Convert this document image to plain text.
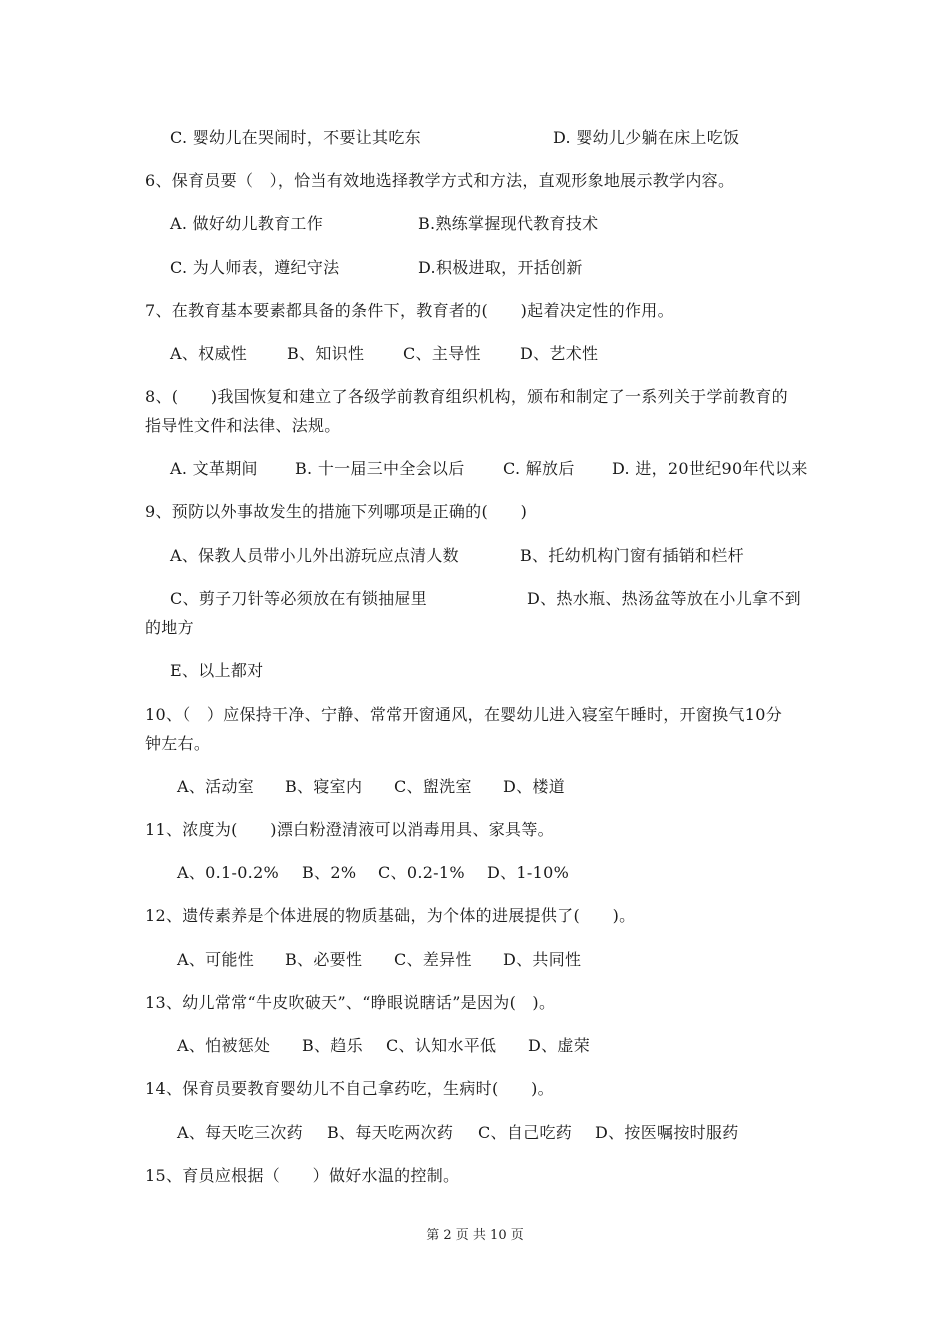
C. 婴幼儿在哭闹时，不要让其吃东	D. 婴幼儿少躺在床上吃饭
6、保育员要（　），恰当有效地选择教学方式和方法，直观形象地展示教学内容。
A. 做好幼儿教育工作	B.熟练掌握现代教育技术
C. 为人师表，遵纪守法	D.积极进取，开括创新
7、在教育基本要素都具备的条件下，教育者的(　　)起着决定性的作用。
A、权威性 B、知识性 C、主导性 D、艺术性
8、(　　)我国恢复和建立了各级学前教育组织机构，颁布和制定了一系列关于学前教育的
指导性文件和法律、法规。
A. 文革期间 B. 十一届三中全会以后 C. 解放后 D. 进，20世纪90年代以来
9、预防以外事故发生的措施下列哪项是正确的(　　)
A、保教人员带小儿外出游玩应点清人数	B、托幼机构门窗有插销和栏杆
C、剪子刀针等必须放在有锁抽屉里	D、热水瓶、热汤盆等放在小儿拿不到
的地方
E、以上都对
10、（　）应保持干净、宁静、常常开窗通风，在婴幼儿进入寝室午睡时，开窗换气10分
钟左右。
A、活动室 B、寝室内 C、盥洗室 D、楼道
11、浓度为(　　)漂白粉澄清液可以消毒用具、家具等。
A、0.1-0.2% B、2% C、0.2-1% D、1-10%
12、遗传素养是个体进展的物质基础，为个体的进展提供了(　　)。
A、可能性 B、必要性 C、差异性 D、共同性
13、幼儿常常“牛皮吹破天”、“睁眼说瞎话”是因为(　)。
A、怕被惩处 B、趋乐 C、认知水平低 D、虚荣
14、保育员要教育婴幼儿不自己拿药吃，生病时(　　)。
A、每天吃三次药 B、每天吃两次药 C、自己吃药 D、按医嘱按时服药
15、育员应根据（　　）做好水温的控制。
第 2 页 共 10 页
